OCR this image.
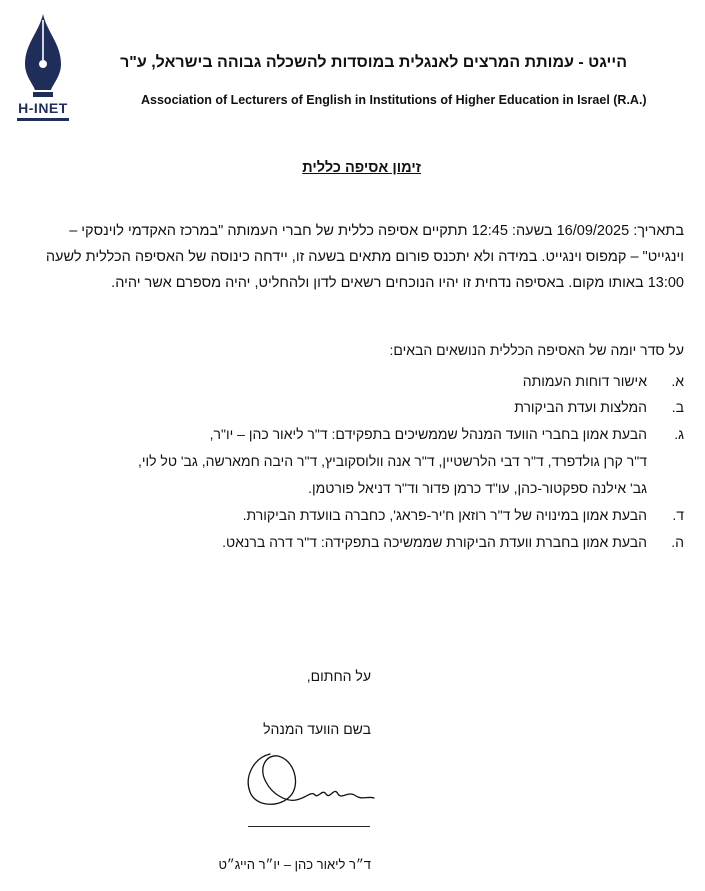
H-INET
הייגט - עמותת המרצים לאנגלית במוסדות להשכלה גבוהה בישראל, ע"ר
Association of Lecturers of English in Institutions of Higher Education in Israel (R.A.)
זימון אסיפה כללית
בתאריך: 16/09/2025 בשעה: 12:45 תתקיים אסיפה כללית של חברי העמותה "במרכז האקדמי לוינסקי –
וינגייט" – קמפוס וינגייט. במידה ולא יתכנס פורום מתאים בשעה זו, יידחה כינוסה של האסיפה הכללית לשעה
13:00 באותו מקום. באסיפה נדחית זו יהיו הנוכחים רשאים לדון ולהחליט, יהיה מספרם אשר יהיה.
על סדר יומה של האסיפה הכללית הנושאים הבאים:
א.
אישור דוחות העמותה
ב.
המלצות ועדת הביקורת
ג.
הבעת אמון בחברי הוועד המנהל שממשיכים בתפקידם: ד"ר ליאור כהן – יו"ר,
ד"ר קרן גולדפרד, ד"ר דבי הלרשטיין, ד"ר אנה וולוסקוביץ, ד"ר היבה חמארשה, גב' טל לוי,
גב' אילנה ספקטור-כהן, עו"ד כרמן פדור וד"ר דניאל פורטמן.
ד.
הבעת אמון במינויה של ד"ר רוזאן ח'יר-פראג', כחברה בוועדת הביקורת.
ה.
הבעת אמון בחברת וועדת הביקורת שממשיכה בתפקידה: ד"ר דרה ברנאט.
על החתום,
בשם הוועד המנהל
ד״ר ליאור כהן – יו״ר הייג״ט
